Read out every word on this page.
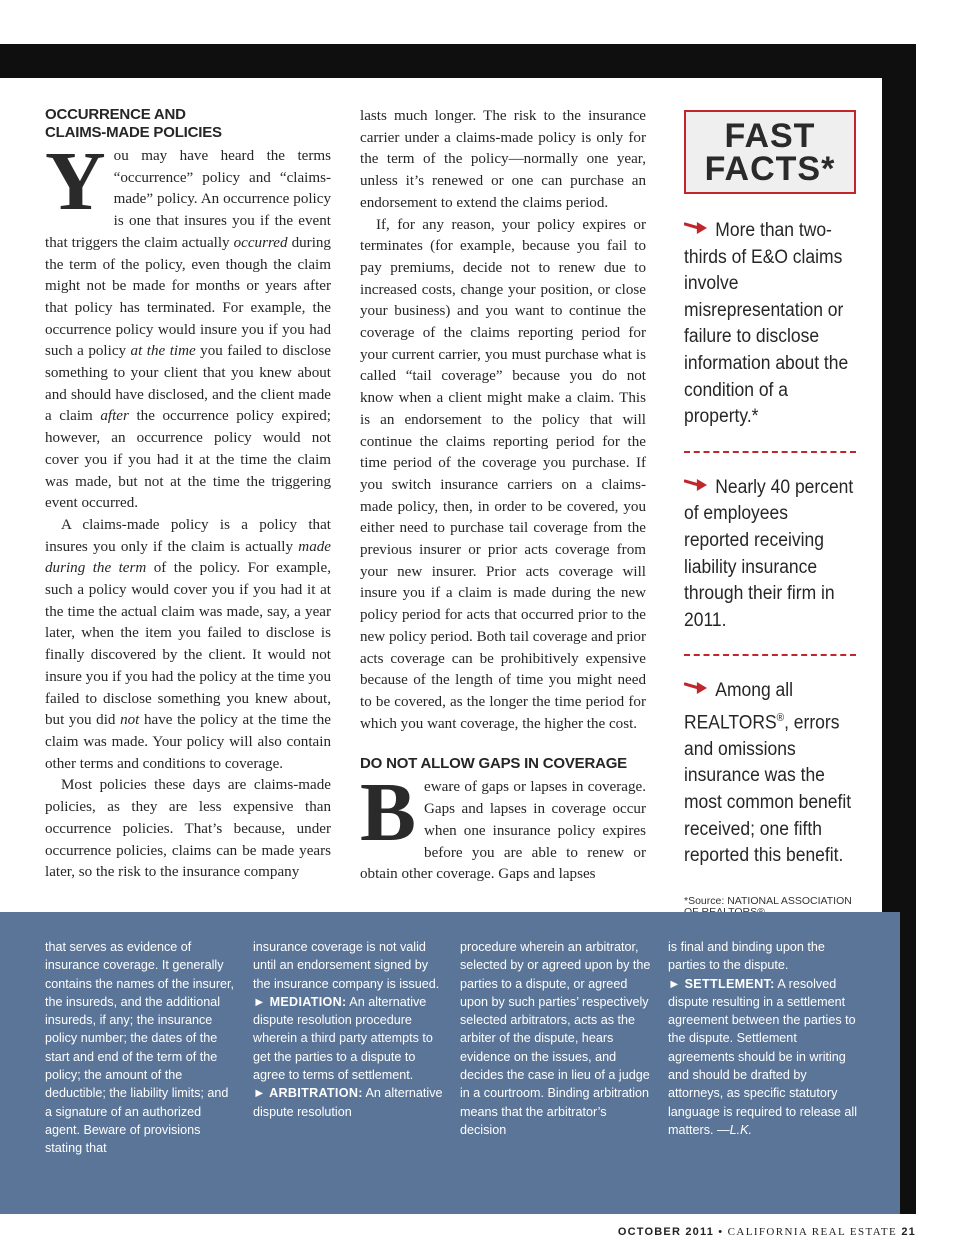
OCCURRENCE AND
CLAIMS-MADE POLICIES

You may have heard the terms “occurrence” policy and “claims-made” policy. An occurrence policy is one that insures you if the event that triggers the claim actually occurred during the term of the policy, even though the claim might not be made for months or years after that policy has terminated. For example, the occurrence policy would insure you if you had such a policy at the time you failed to disclose something to your client that you knew about and should have disclosed, and the client made a claim after the occurrence policy expired; however, an occurrence policy would not cover you if you had it at the time the claim was made, but not at the time the triggering event occurred.

A claims-made policy is a policy that insures you only if the claim is actually made during the term of the policy. For example, such a policy would cover you if you had it at the time the actual claim was made, say, a year later, when the item you failed to disclose is finally discovered by the client. It would not insure you if you had the policy at the time you failed to disclose something you knew about, but you did not have the policy at the time the claim was made. Your policy will also contain other terms and conditions to coverage.

Most policies these days are claims-made policies, as they are less expensive than occurrence policies. That’s because, under occurrence policies, claims can be made years later, so the risk to the insurance company

lasts much longer. The risk to the insurance carrier under a claims-made policy is only for the term of the policy—normally one year, unless it’s renewed or one can purchase an endorsement to extend the claims period.

If, for any reason, your policy expires or terminates (for example, because you fail to pay premiums, decide not to renew due to increased costs, change your position, or close your business) and you want to continue the coverage of the claims reporting period for your current carrier, you must purchase what is called “tail coverage” because you do not know when a client might make a claim. This is an endorsement to the policy that will continue the claims reporting period for the time period of the coverage you purchase. If you switch insurance carriers on a claims-made policy, then, in order to be covered, you either need to purchase tail coverage from the previous insurer or prior acts coverage from your new insurer. Prior acts coverage will insure you if a claim is made during the new policy period for acts that occurred prior to the new policy period. Both tail coverage and prior acts coverage can be prohibitively expensive because of the length of time you might need to be covered, as the longer the time period for which you want coverage, the higher the cost.

DO NOT ALLOW GAPS IN COVERAGE

Beware of gaps or lapses in coverage. Gaps and lapses in coverage occur when one insurance policy expires before you are able to renew or obtain other coverage. Gaps and lapses

FAST
FACTS*
More than two-thirds of E&O claims involve misrepresentation or failure to disclose information about the condition of a property.*
Nearly 40 percent of employees reported receiving liability insurance through their firm in 2011.
Among all REALTORS®, errors and omissions insurance was the most common benefit received; one fifth reported this benefit.
*Source: NATIONAL ASSOCIATION

that serves as evidence of insurance coverage. It generally contains the names of the insurer, the insureds, and the additional insureds, if any; the insurance policy number; the dates of the start and end of the term of the policy; the amount of the deductible; the liability limits; and a signature of an authorized agent. Beware of provisions stating that

insurance coverage is not valid until an endorsement signed by the insurance company is issued.
► MEDIATION: An alternative dispute resolution procedure wherein a third party attempts to get the parties to a dispute to agree to terms of settlement.
► ARBITRATION: An alternative dispute resolution

procedure wherein an arbitrator, selected by or agreed upon by the parties to a dispute, or agreed upon by such parties’ respectively selected arbitrators, acts as the arbiter of the dispute, hears evidence on the issues, and decides the case in lieu of a judge in a courtroom. Binding arbitration means that the arbitrator’s decision

is final and binding upon the parties to the dispute.
► SETTLEMENT: A resolved dispute resulting in a settlement agreement between the parties to the dispute. Settlement agreements should be in writing and should be drafted by attorneys, as specific statutory language is required to release all matters. —L.K.

OCTOBER 2011 • CALIFORNIA REAL ESTATE 21
